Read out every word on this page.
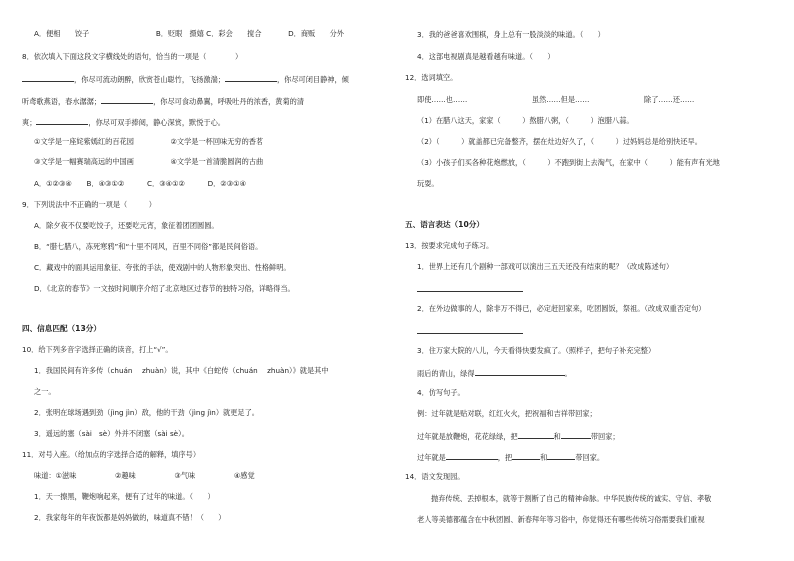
A．便相　　饺子	B．贬眼　摄嬉 C．彩会　　搅合	D．商贩　　分外
8．依次填入下面这段文字横线处的语句，恰当的一项是（　　　　）
，你尽可流动朗醉，欣赏苍山聪竹，飞扬激湍；	，你尽可闭目静神，倾
听鸢歌燕语，春水潺潺；	，你尽可食动鼻翼，呼吸吐丹的浓香，黄菊的清
爽；	，你尽可双手捧阅，静心深赏，默悦于心。
①文学是一座姹紫嫣红的百花园	②文学是一杯回味无穷的香茗
③文学是一幅赛瑞高远的中国画	④文学是一首清脆圆润的古曲
A．①②③④ B．④③①②	C．③④①②	D．②③①④
9．下列说法中不正确的一项是（　　　）
A．除夕夜不仅要吃饺子，还要吃元宵，象征着团团圆圆。
B．“腊七腊八，冻死寒鸦”和“十里不同风，百里不同俗”都是民间俗语。
C．藏戏中的面具运用象征、夸张的手法，使戏剧中的人物形象突出、性格鲜明。
D．《北京的春节》一文按时间顺序介绍了北京地区过春节的独特习俗，详略得当。
四、信息匹配（13分）
10．给下列多音字选择正确的读音，打上“√”。
1．我国民间有许多传（chuán　 zhuàn）说，其中《白蛇传（chuán　 zhuàn）》就是其中
之一。
2．张明在球场遇到劲（jìng jìn）敌，他的干劲（jìng jìn）就更足了。
3．遥远的塞（sài　sè）外并不闭塞（sài sè）。
11．对号入座。（给加点的字选择合适的解释，填序号）
味道：①滋味	②趣味	③气味	④感觉
1．天一擦黑，鞭炮响起来，便有了过年的味道。（　　）
2．我家每年的年夜饭都是妈妈做的，味道真不错！（　　）
3．我的爸爸喜欢围棋，身上总有一股淡淡的味道。（　　）
4．这部电视剧真是越看越有味道。（　　）
12．选词填空。
即使……也……	虽然……但是……	除了……还……
（1）在腊八这天，家家（　　　）熬腊八粥，（　　　）泡腊八蒜。
（2）（　　　）就盖都已完备整齐，摆在灶边好久了，（　　　）过妈妈总是给别快还早。
（3）小孩子们买各种花炮燃放，（　　　）不跑到街上去淘气，在家中（　　　）能有声有光地
玩耍。
五、语言表达（10分）
13．按要求完成句子练习。
1．世界上还有几个剧种一部戏可以演出三五天还没有结束的呢？（改成陈述句）
2．在外边做事的人，除非万不得已，必定赶回家来，吃团圆饭，祭祖。（改成双重否定句）
3．住万家大院的八儿，今天看得快要发疯了。（照样子，把句子补充完整）
雨后的青山，绿得	。
4．仿写句子。
例：过年就是贴对联，红红火火，把祝福和吉祥带回家；
过年就是放鞭炮，花花绿绿，把	和	带回家；
过年就是	，把	和	带回家。
14．语文发现园。
抛弃传统、丢掉根本，就等于割断了自己的精神命脉。中华民族传统的诚实、守信、孝敬
老人等美德都蕴含在中秋团圆、新春拜年等习俗中，你觉得还有哪些传统习俗需要我们重视
